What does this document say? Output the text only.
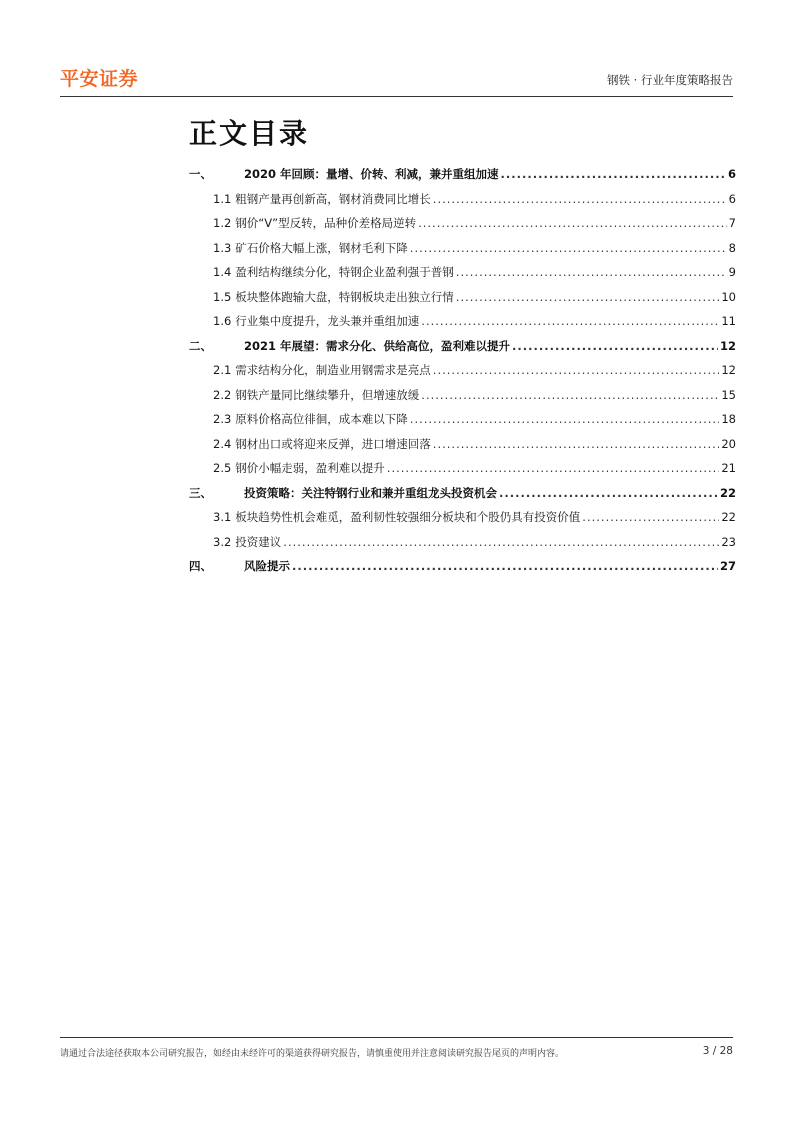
平安证券	钢铁 · 行业年度策略报告
正文目录
一、	2020 年回顾：量增、价转、利减，兼并重组加速 .....	6
1.1 粗钢产量再创新高，钢材消费同比增长 .....	6
1.2 钢价“V”型反转，品种价差格局逆转 .....	7
1.3 矿石价格大幅上涨，钢材毛利下降 .....	8
1.4 盈利结构继续分化，特钢企业盈利强于普钢 .....	9
1.5 板块整体跑输大盘，特钢板块走出独立行情 .....	10
1.6 行业集中度提升，龙头兼并重组加速 .....	11
二、	2021 年展望：需求分化、供给高位，盈利难以提升 .....	12
2.1 需求结构分化，制造业用钢需求是亮点 .....	12
2.2 钢铁产量同比继续攀升，但增速放缓 .....	15
2.3 原料价格高位徘徊，成本难以下降 .....	18
2.4 钢材出口或将迎来反弹，进口增速回落 .....	20
2.5 钢价小幅走弱，盈利难以提升 .....	21
三、	投资策略：关注特钢行业和兼并重组龙头投资机会 .....	22
3.1 板块趋势性机会难觅，盈利韧性较强细分板块和个股仍具有投资价值 .....	22
3.2 投资建议 .....	23
四、	风险提示 .....	27
请通过合法途径获取本公司研究报告，如经由未经许可的渠道获得研究报告，请慎重使用并注意阅读研究报告尾页的声明内容。	3 / 28
